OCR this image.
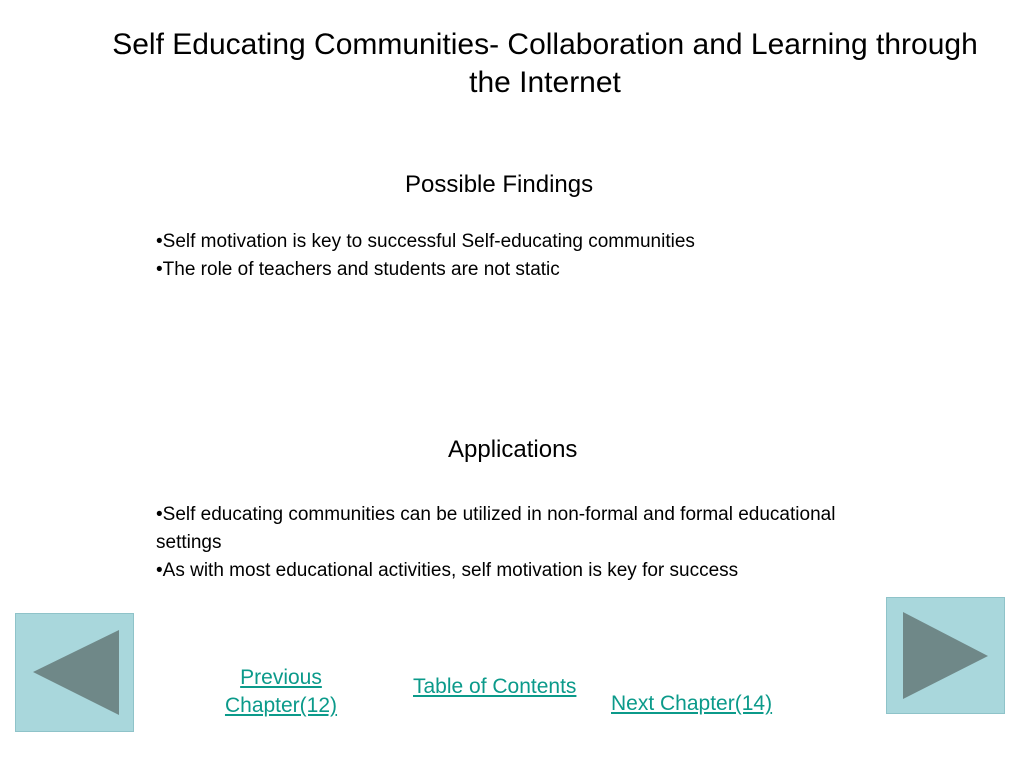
Self Educating Communities- Collaboration and Learning through the Internet
Possible Findings
• Self motivation is key to successful Self-educating communities
• The role of teachers and students are not static
Applications
• Self educating communities can be utilized in non-formal and formal educational settings
• As with most educational activities, self motivation is key for success
Previous
Chapter(12)
Table of Contents
Next Chapter(14)
